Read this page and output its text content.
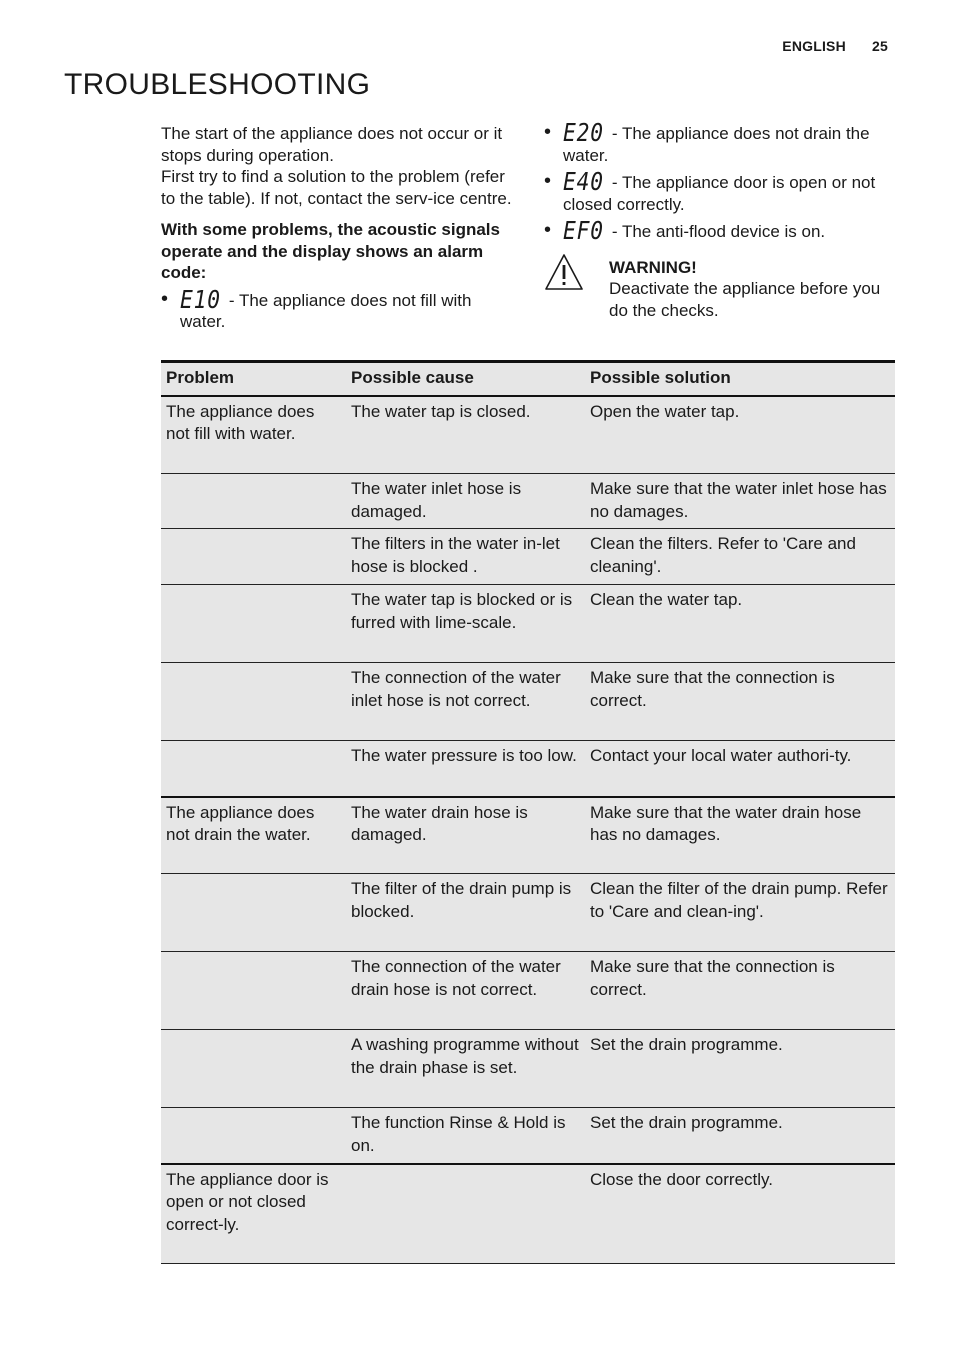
ENGLISH 25
TROUBLESHOOTING

The start of the appliance does not occur or it stops during operation.

First try to find a solution to the problem (refer to the table). If not, contact the serv-ice centre.

With some problems, the acoustic signals operate and the display shows an alarm code:

• E10 - The appliance does not fill with water.
• E20 - The appliance does not drain the water.
• E40 - The appliance door is open or not closed correctly.
• EF0 - The anti-flood device is on.
WARNING!
Deactivate the appliance before you do the checks.
Problem	Possible cause	Possible solution
The appliance does not fill with water.	The water tap is closed.	Open the water tap.
	The water inlet hose is damaged.	Make sure that the water inlet hose has no damages.
	The filters in the water in-let hose is blocked .	Clean the filters. Refer to 'Care and cleaning'.
	The water tap is blocked or is furred with lime-scale.	Clean the water tap.
	The connection of the water inlet hose is not correct.	Make sure that the connection is correct.
	The water pressure is too low.	Contact your local water authori-ty.
The appliance does not drain the water.	The water drain hose is damaged.	Make sure that the water drain hose has no damages.
	The filter of the drain pump is blocked.	Clean the filter of the drain pump. Refer to 'Care and clean-ing'.
	The connection of the water drain hose is not correct.	Make sure that the connection is correct.
	A washing programme without the drain phase is set.	Set the drain programme.
	The function Rinse & Hold is on.	Set the drain programme.
The appliance door is open or not closed correct-ly.		Close the door correctly.
